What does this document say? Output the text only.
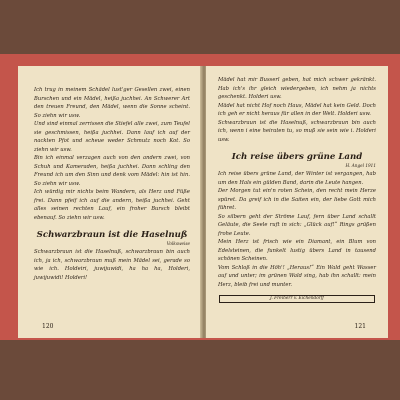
Ich trug in meinem Schädel lust'ger Gesellen zwei, einen Burschen und ein Mädel, heißa juchhei. An Schwerer Art den treuen Freund, den Mädel, wenn die Sonne scheint. So ziehn wir usw.

Und sind einmal zerrissen die Stiefel alle zwei, zum Teufel sie geschmissen, heißa juchhei. Dann lauf ich auf der nackten Pfot und scheue weder Schmutz noch Kot. So ziehn wir usw.

Bin ich einmal verzagen auch von den andern zwei, von Schuh und Kameraden, heißa juchhei. Dann schling den Freund ich um den Sinn und denk vom Mädel: hin ist hin. So ziehn wir usw.

Ich würdig mir nichts beim Wandern, als Herz und Füße frei. Dann pfeif ich auf die andern, heißa juchhei. Geht alles seinen rechten Lauf, ein froher Bursch bleibt ebenauf. So ziehn wir usw.

Schwarzbraun ist die Haselnuß
Volksweise

Schwarzbraun ist die Haselnuß, schwarzbraun bin auch ich, ja ich, schwarzbraun muß mein Mädel sei, gerade so wie ich. Holdeiri, juwijuwidi, ha ha ha, Holderi, juwijuwidi! Holderi!

120

Mädel hat mir Busserl geben, hat mich schwer gekränkt. Hab ich's ihr gleich wiedergeben, ich nehm ja nichts geschenkt. Holderi usw.

Mädel hat nicht Hof noch Haus, Mädel hat kein Geld. Doch ich geh er nicht heraus für allen in der Welt. Holderi usw.

Schwarzbraun ist die Haselnuß, schwarzbraun bin auch ich, wenn i eine heiraten tu, so muß sie sein wie i. Holderi usw.

Ich reise übers grüne Land
H. Angel 1911

Ich reise übers grüne Land, der Winter ist vergangen, hab um den Hals ein gülden Band, darin die Leute hangen.

Der Morgen tut ein'n roten Schein, den recht mein Herze spüret. Da greif ich in die Saiten ein, der liebe Gott mich führet.

So silbern geht der Ströme Lauf, fern über Land schallt Geläute, die Seele ruft in sich: „Glück auf!“ Rings grüßen frohe Leute.

Mein Herz ist frisch wie ein Diamant, ein Blum von Edelsteinen, die funkelt lustig übers Land in tausend schönen Scheinen.

Vom Schloß in die Höh'! „Heraus!“ Ein Wald geht Wasser auf und unter; im grünen Wald sing, hab ihn schallt: mein Herz, bleib frei und munter.

J. Freiherr v. Eichendorff
121
